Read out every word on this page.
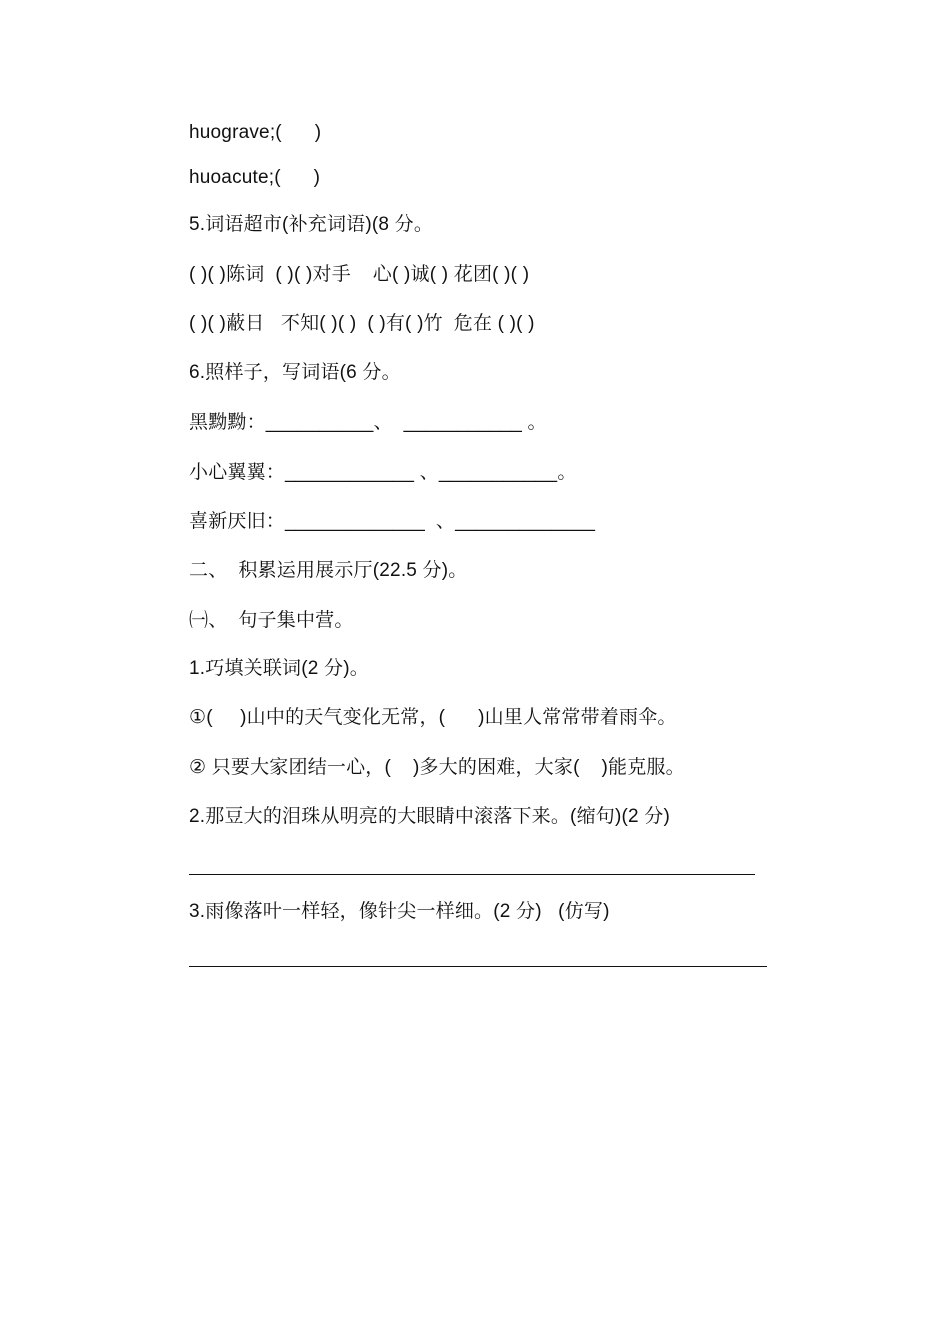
huograve;(      )
huoacute;(      )
5.词语超市(补充词语)(8 分。
( )( )陈词  ( )( )对手    心( )诚( ) 花团( )( )
( )( )蔽日   不知( )( )  ( )有( )竹  危在 ( )( )
6.照样子，写词语(6 分。
黑黝黝：__________、  ___________ 。
小心翼翼：____________ 、___________。
喜新厌旧：_____________  、_____________
二、  积累运用展示厅(22.5 分)。
㈠、  句子集中营。
1.巧填关联词(2 分)。
①(     )山中的天气变化无常，(      )山里人常常带着雨伞。
② 只要大家团结一心，(    )多大的困难，大家(    )能克服。
2.那豆大的泪珠从明亮的大眼睛中滚落下来。(缩句)(2 分)
3.雨像落叶一样轻，像针尖一样细。(2 分)   (仿写)
